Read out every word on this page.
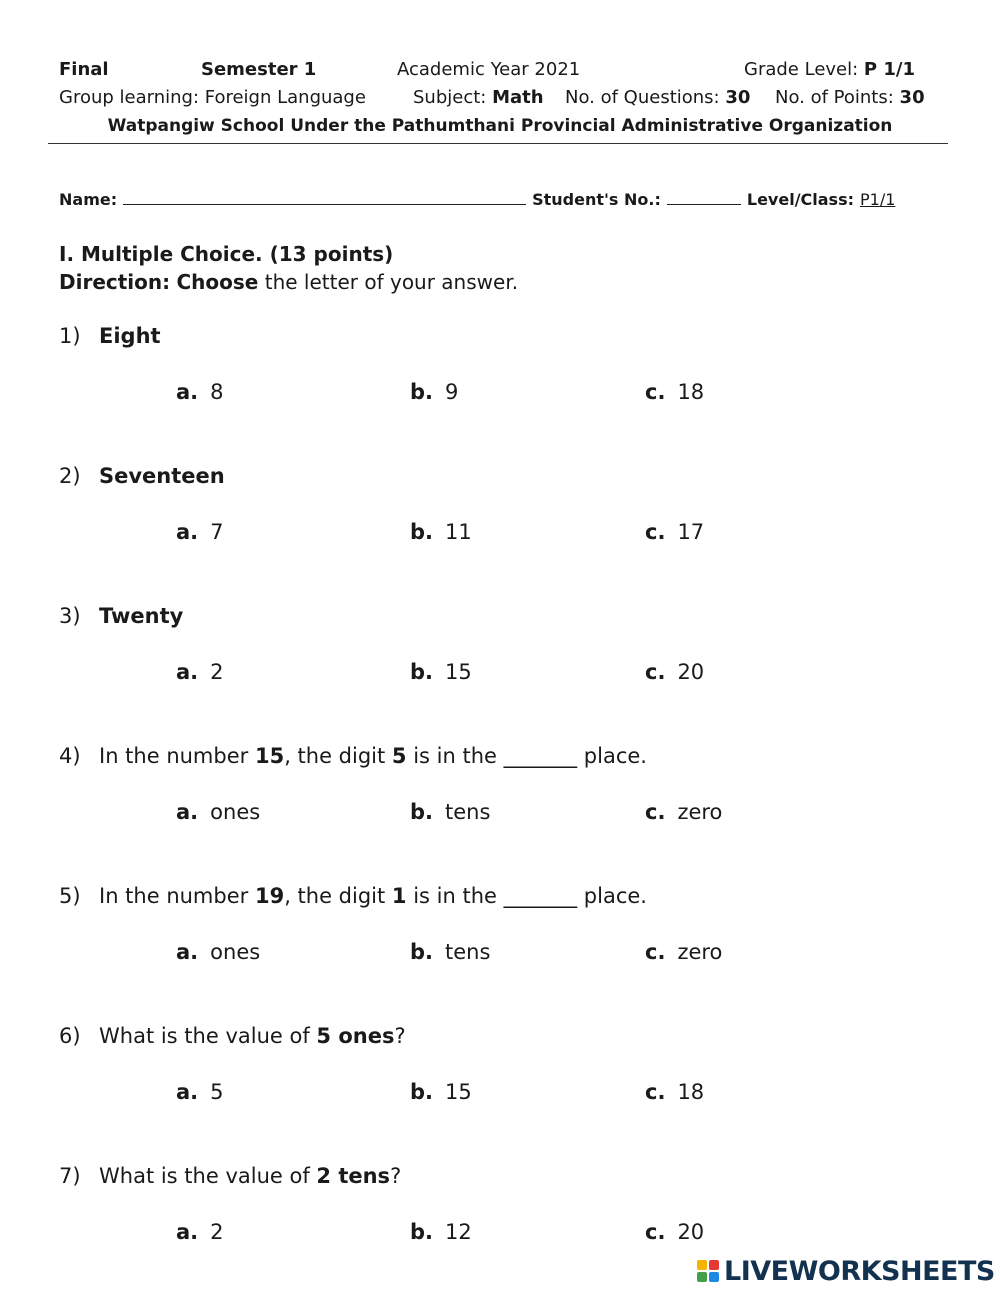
Final	Semester 1	Academic Year 2021	Grade Level: P 1/1
Group learning: Foreign Language	Subject: Math No. of Questions: 30 No. of Points: 30
Watpangiw School Under the Pathumthani Provincial Administrative Organization
Name:	Student's No.:	Level/Class: P1/1
I. Multiple Choice. (13 points)
Direction: Choose the letter of your answer.
1) Eight
a. 8	b. 9	c. 18
2) Seventeen
a. 7	b. 11	c. 17
3) Twenty
a. 2	b. 15	c. 20
4) In the number 15, the digit 5 is in the _______ place.
a. ones	b. tens	c. zero
5) In the number 19, the digit 1 is in the _______ place.
a. ones	b. tens	c. zero
6) What is the value of 5 ones?
a. 5	b. 15	c. 18
7) What is the value of 2 tens?
a. 2	b. 12	c. 20
LIVEWORKSHEETS
